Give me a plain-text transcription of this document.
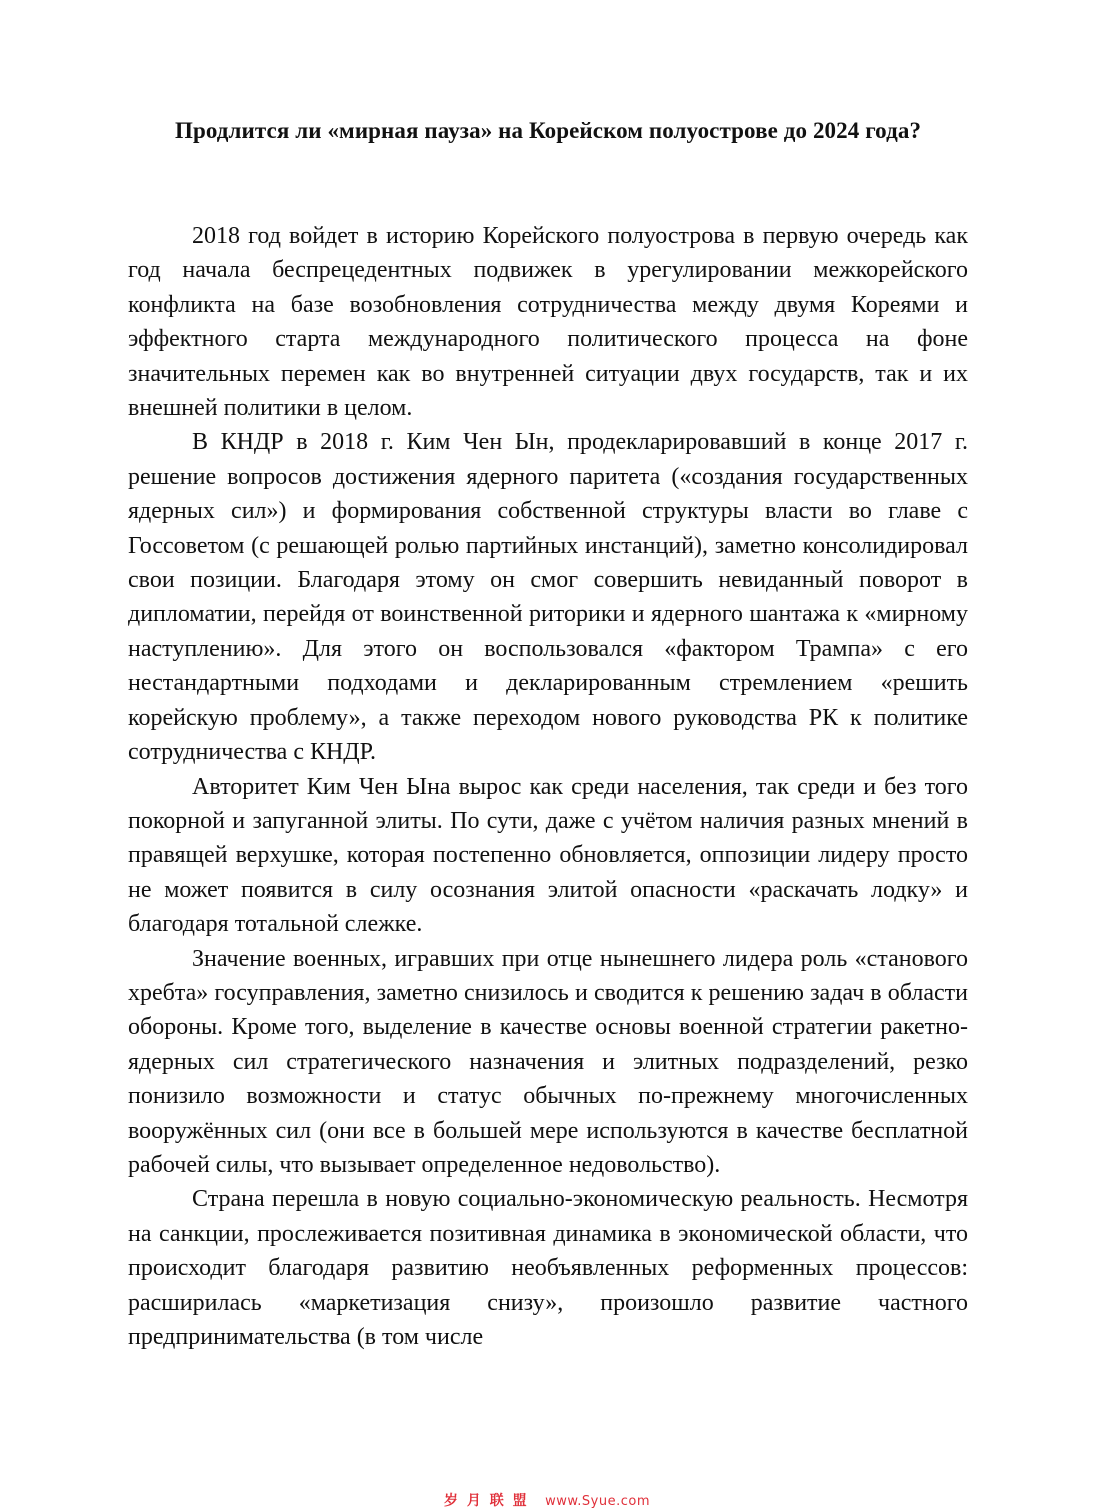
Продлится ли «мирная пауза» на Корейском полуострове до 2024 года?

2018 год войдет в историю Корейского полуострова в первую очередь как год начала беспрецедентных подвижек в урегулировании межкорейского конфликта на базе возобновления сотрудничества между двумя Кореями и эффектного старта международного политического процесса на фоне значительных перемен как во внутренней ситуации двух государств, так и их внешней политики в целом.

В КНДР в 2018 г. Ким Чен Ын, продекларировавший в конце 2017 г. решение вопросов достижения ядерного паритета («создания государственных ядерных сил») и формирования собственной структуры власти во главе с Госсоветом (с решающей ролью партийных инстанций), заметно консолидировал свои позиции. Благодаря этому он смог совершить невиданный поворот в дипломатии, перейдя от воинственной риторики и ядерного шантажа к «мирному наступлению». Для этого он воспользовался «фактором Трампа» с его нестандартными подходами и декларированным стремлением «решить корейскую проблему», а также переходом нового руководства РК к политике сотрудничества с КНДР.

Авторитет Ким Чен Ына вырос как среди населения, так среди и без того покорной и запуганной элиты. По сути, даже с учётом наличия разных мнений в правящей верхушке, которая постепенно обновляется, оппозиции лидеру просто не может появится в силу осознания элитой опасности «раскачать лодку» и благодаря тотальной слежке.

Значение военных, игравших при отце нынешнего лидера роль «станового хребта» госуправления, заметно снизилось и сводится к решению задач в области обороны. Кроме того, выделение в качестве основы военной стратегии ракетно-ядерных сил стратегического назначения и элитных подразделений, резко понизило возможности и статус обычных по-прежнему многочисленных вооружённых сил (они все в большей мере используются в качестве бесплатной рабочей силы, что вызывает определенное недовольство).

Страна перешла в новую социально-экономическую реальность. Несмотря на санкции, прослеживается позитивная динамика в экономической области, что происходит благодаря развитию необъявленных реформенных процессов: расширилась «маркетизация снизу», произошло развитие частного предпринимательства (в том числе

岁 月 联 盟 www.Syue.com
